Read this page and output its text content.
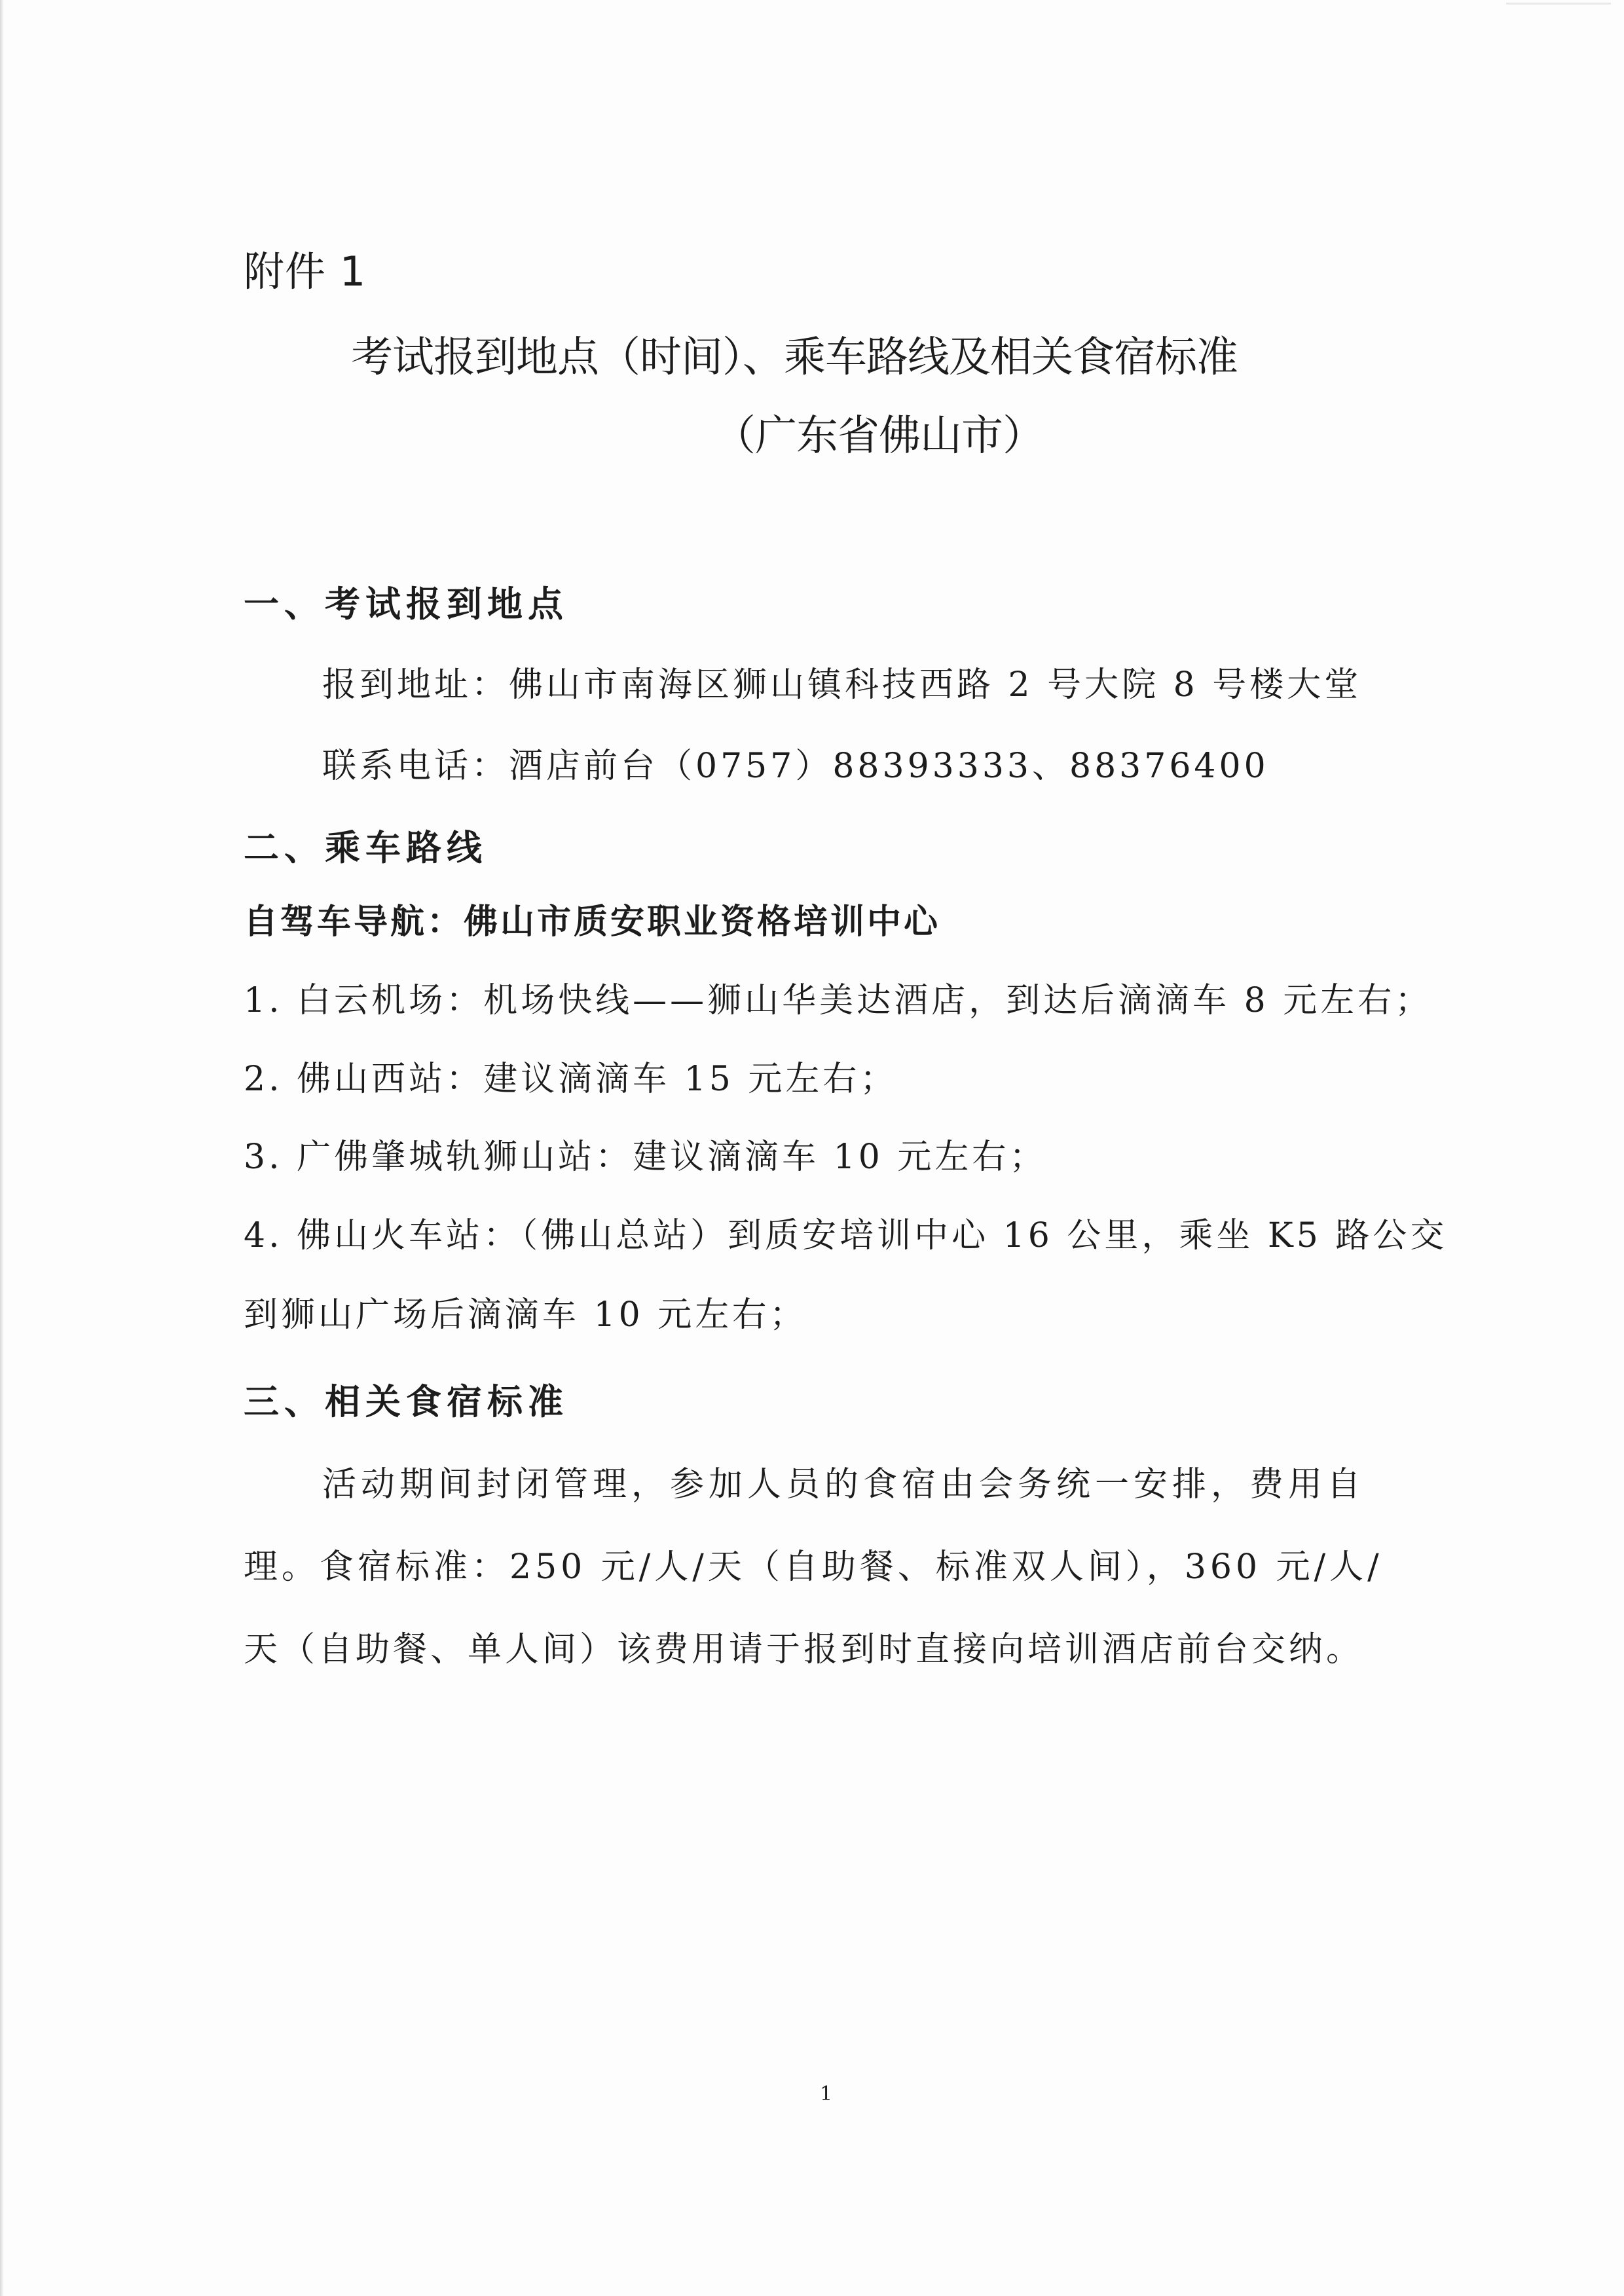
附件 1
考试报到地点（时间）、乘车路线及相关食宿标准
（广东省佛山市）
一、考试报到地点
报到地址：佛山市南海区狮山镇科技西路 2 号大院 8 号楼大堂
联系电话：酒店前台（0757）88393333、88376400
二、乘车路线
自驾车导航：佛山市质安职业资格培训中心
1. 白云机场：机场快线——狮山华美达酒店，到达后滴滴车 8 元左右；
2. 佛山西站：建议滴滴车 15 元左右；
3. 广佛肇城轨狮山站：建议滴滴车 10 元左右；
4. 佛山火车站：（佛山总站）到质安培训中心 16 公里，乘坐 K5 路公交
到狮山广场后滴滴车 10 元左右；
三、相关食宿标准
活动期间封闭管理，参加人员的食宿由会务统一安排，费用自
理。食宿标准：250 元/人/天（自助餐、标准双人间），360 元/人/
天（自助餐、单人间）该费用请于报到时直接向培训酒店前台交纳。
1
